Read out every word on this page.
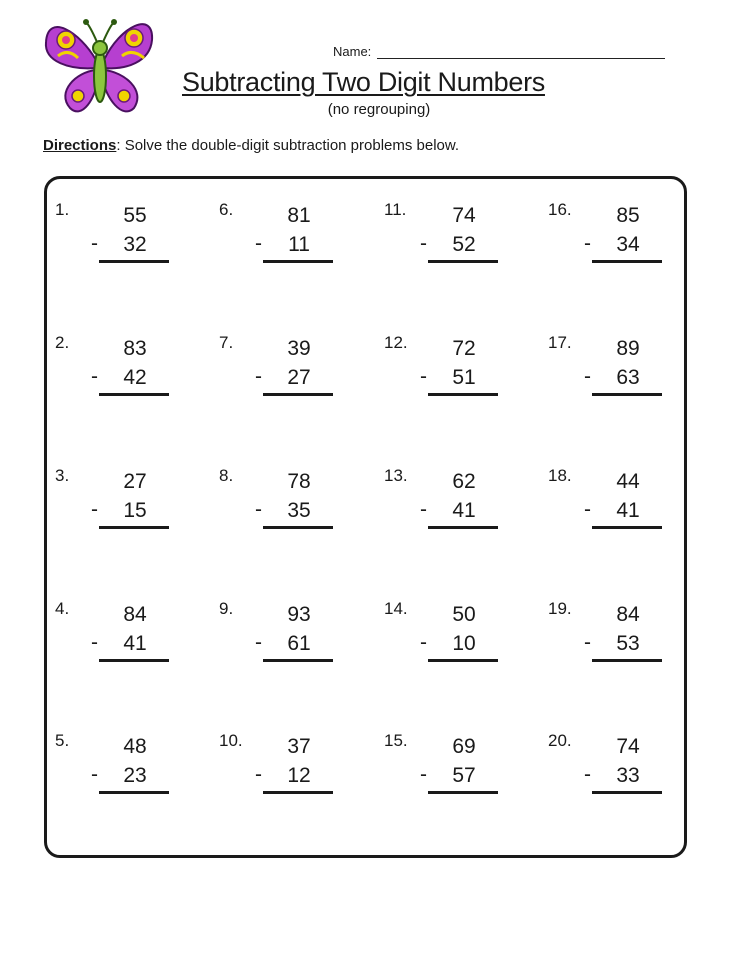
Name:
Subtracting Two Digit Numbers
(no regrouping)
Directions: Solve the double-digit subtraction problems below.
1.	55
-	32
2.	83
-	42
3.	27
-	15
4.	84
-	41
5.	48
-	23
6.	81
-	11
7.	39
-	27
8.	78
-	35
9.	93
-	61
10.	37
-	12
11.	74
-	52
12.	72
-	51
13.	62
-	41
14.	50
-	10
15.	69
-	57
16.	85
-	34
17.	89
-	63
18.	44
-	41
19.	84
-	53
20.	74
-	33
